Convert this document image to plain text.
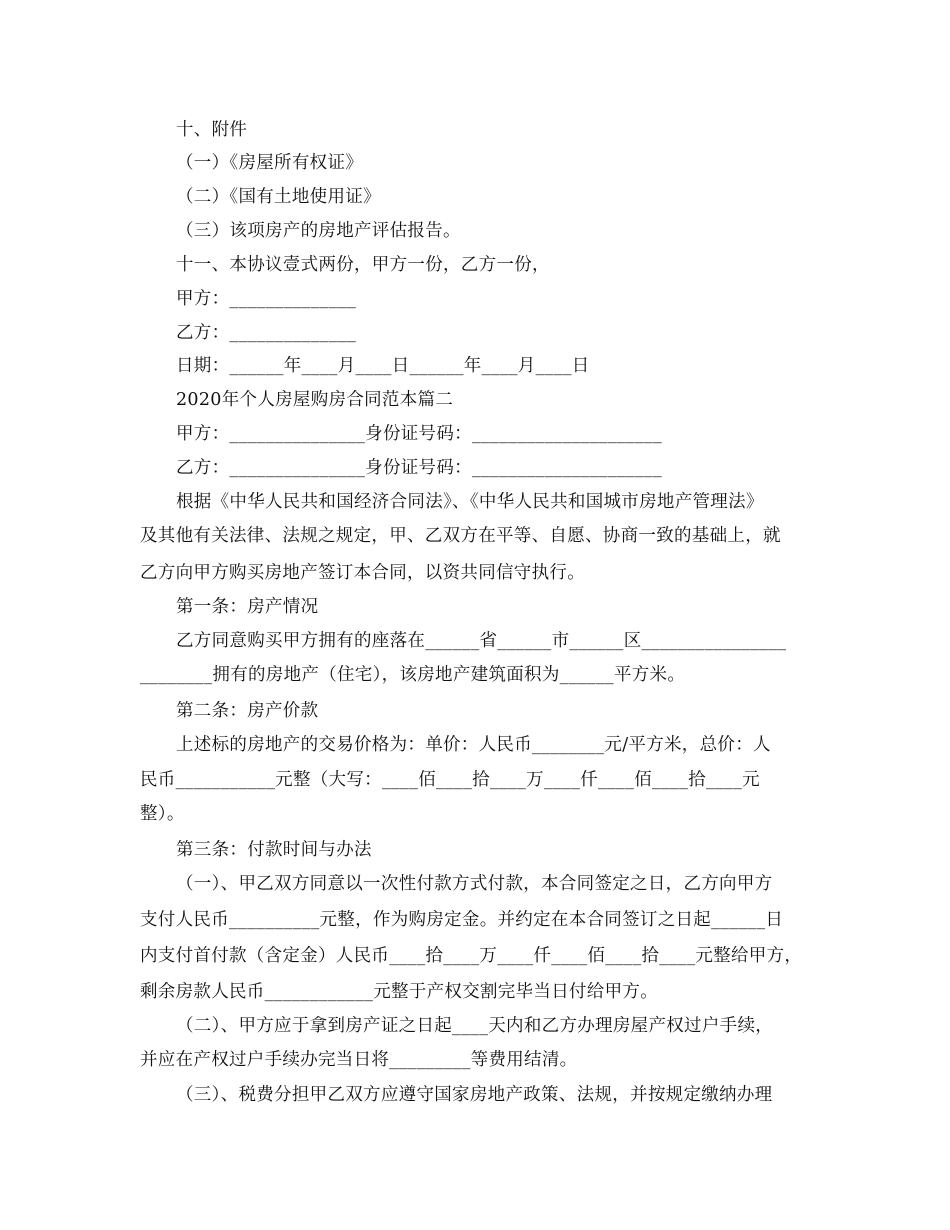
十、附件
（一）《房屋所有权证》
（二）《国有土地使用证》
（三）该项房产的房地产评估报告。
十一、本协议壹式两份，甲方一份，乙方一份，
甲方：______________
乙方：______________
日期：______年____月____日______年____月____日
2020年个人房屋购房合同范本篇二
甲方：_______________身份证号码：_____________________
乙方：_______________身份证号码：_____________________
根据《中华人民共和国经济合同法》、《中华人民共和国城市房地产管理法》
及其他有关法律、法规之规定，甲、乙双方在平等、自愿、协商一致的基础上，就
乙方向甲方购买房地产签订本合同，以资共同信守执行。
第一条：房产情况
乙方同意购买甲方拥有的座落在______省______市______区________________
________拥有的房地产（住宅），该房地产建筑面积为______平方米。
第二条：房产价款
上述标的房地产的交易价格为：单价：人民币________元/平方米，总价：人
民币___________元整（大写：____佰____拾____万____仟____佰____拾____元
整）。
第三条：付款时间与办法
（一）、甲乙双方同意以一次性付款方式付款，本合同签定之日，乙方向甲方
支付人民币__________元整，作为购房定金。并约定在本合同签订之日起______日
内支付首付款（含定金）人民币____拾____万____仟____佰____拾____元整给甲方，
剩余房款人民币____________元整于产权交割完毕当日付给甲方。
（二）、甲方应于拿到房产证之日起____天内和乙方办理房屋产权过户手续，
并应在产权过户手续办完当日将_________等费用结清。
（三）、税费分担甲乙双方应遵守国家房地产政策、法规，并按规定缴纳办理
